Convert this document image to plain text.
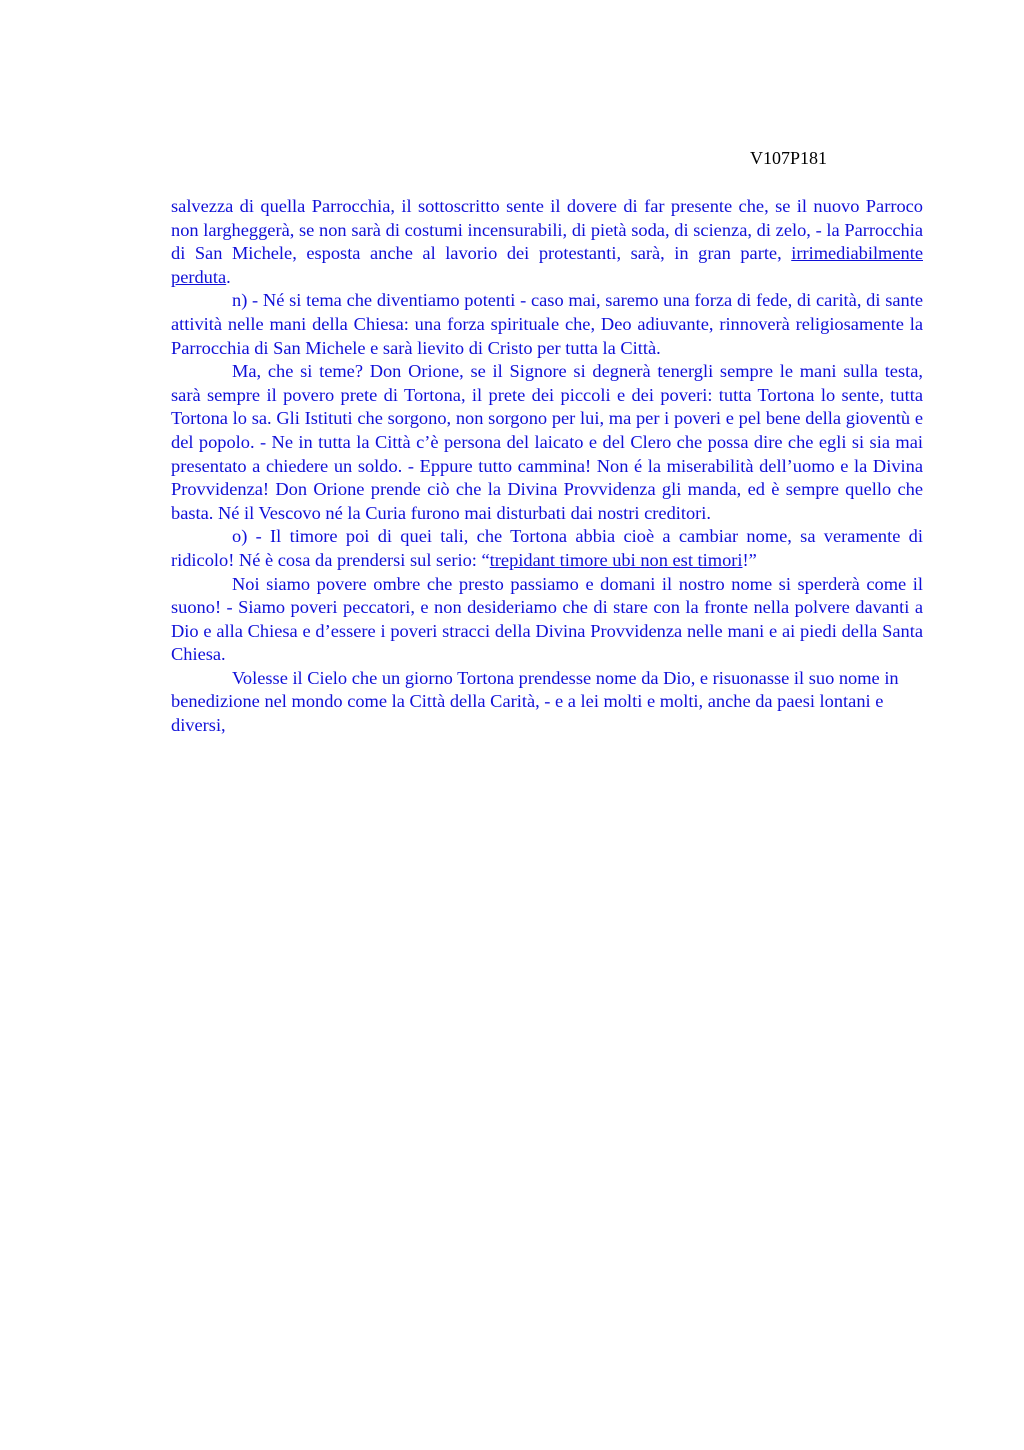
V107P181

salvezza di quella Parrocchia, il sottoscritto sente il dovere di far presente che, se il nuovo Parroco non largheggerà, se non sarà di costumi incensurabili, di pietà soda, di scienza, di zelo, - la Parrocchia di San Michele, esposta anche al lavorio dei protestanti, sarà, in gran parte, irrimediabilmente perduta.

n) - Né si tema che diventiamo potenti - caso mai, saremo una forza di fede, di carità, di sante attività nelle mani della Chiesa: una forza spirituale che, Deo adiuvante, rinnoverà religiosamente la Parrocchia di San Michele e sarà lievito di Cristo per tutta la Città.

Ma, che si teme? Don Orione, se il Signore si degnerà tenergli sempre le mani sulla testa, sarà sempre il povero prete di Tortona, il prete dei piccoli e dei poveri: tutta Tortona lo sente, tutta Tortona lo sa. Gli Istituti che sorgono, non sorgono per lui, ma per i poveri e pel bene della gioventù e del popolo. - Ne in tutta la Città c’è persona del laicato e del Clero che possa dire che egli si sia mai presentato a chiedere un soldo. - Eppure tutto cammina! Non é la miserabilità dell’uomo e la Divina Provvidenza! Don Orione prende ciò che la Divina Provvidenza gli manda, ed è sempre quello che basta. Né il Vescovo né la Curia furono mai disturbati dai nostri creditori.

o) - Il timore poi di quei tali, che Tortona abbia cioè a cambiar nome, sa veramente di ridicolo! Né è cosa da prendersi sul serio: “trepidant timore ubi non est timori!”

Noi siamo povere ombre che presto passiamo e domani il nostro nome si sperderà come il suono! - Siamo poveri peccatori, e non desideriamo che di stare con la fronte nella polvere davanti a Dio e alla Chiesa e d’essere i poveri stracci della Divina Provvidenza nelle mani e ai piedi della Santa Chiesa.

Volesse il Cielo che un giorno Tortona prendesse nome da Dio, e risuonasse il suo nome in benedizione nel mondo come la Città della Carità, - e a lei molti e molti, anche da paesi lontani e diversi,
